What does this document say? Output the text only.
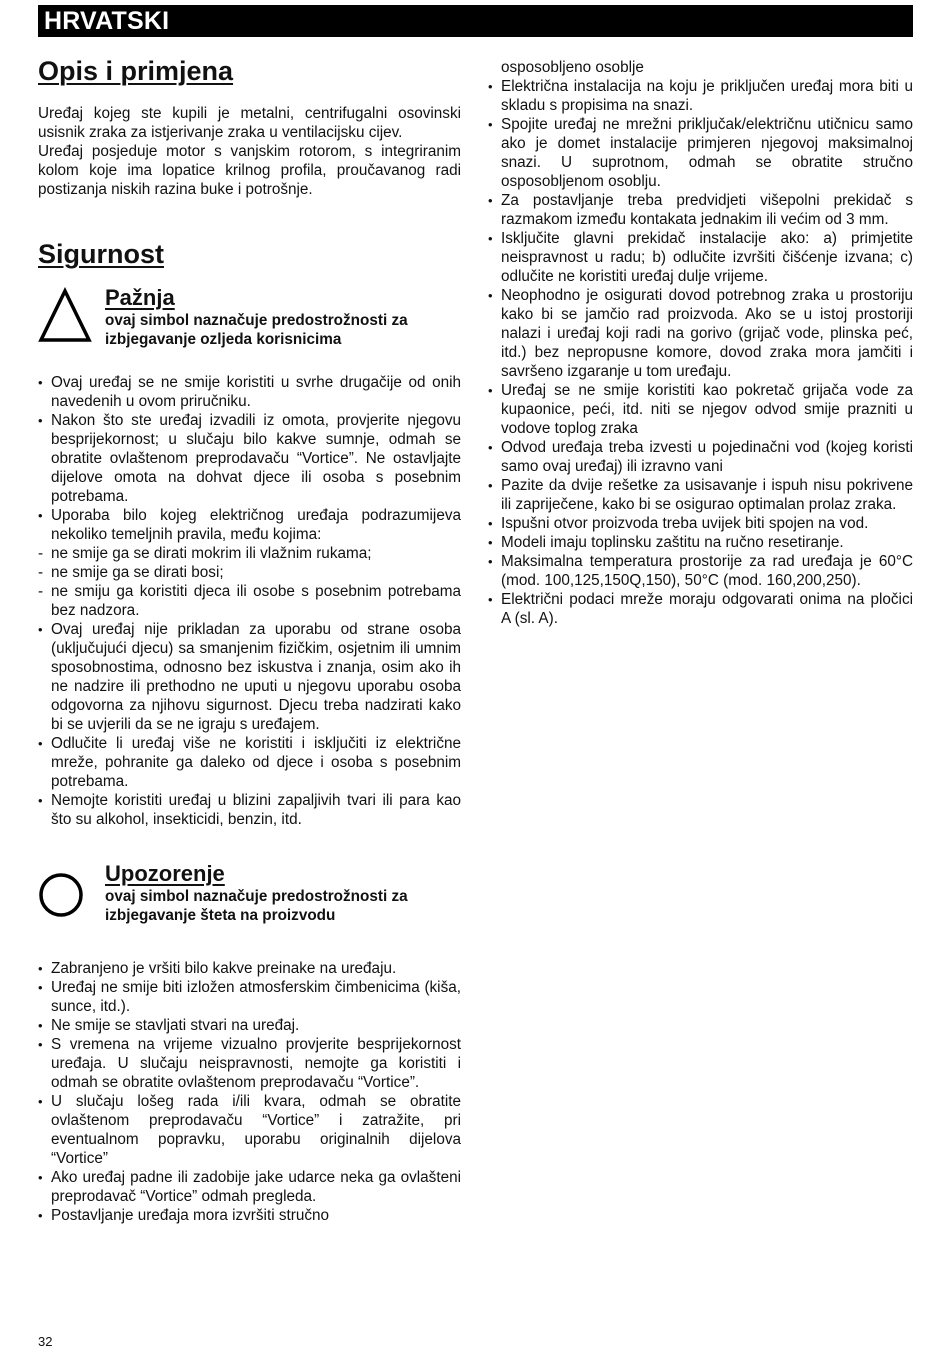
HRVATSKI
Opis i primjena

Uređaj kojeg ste kupili je metalni, centrifugalni osovinski usisnik zraka za istjerivanje zraka u ventilacijsku cijev.

Uređaj posjeduje motor s vanjskim rotorom, s integriranim kolom koje ima lopatice krilnog profila, proučavanog radi postizanja niskih razina buke i potrošnje.

Sigurnost
Pažnja
ovaj simbol naznačuje predostrožnosti za izbjegavanje ozljeda korisnicima
• Ovaj uređaj se ne smije koristiti u svrhe drugačije od onih navedenih u ovom priručniku.
• Nakon što ste uređaj izvadili iz omota, provjerite njegovu besprijekornost; u slučaju bilo kakve sumnje, odmah se obratite ovlaštenom preprodavaču “Vortice”. Ne ostavljajte dijelove omota na dohvat djece ili osoba s posebnim potrebama.
• Uporaba bilo kojeg električnog uređaja podrazumijeva nekoliko temeljnih pravila, među kojima:
- ne smije ga se dirati mokrim ili vlažnim rukama;
- ne smije ga se dirati bosi;
- ne smiju ga koristiti djeca ili osobe s posebnim potrebama bez nadzora.
• Ovaj uređaj nije prikladan za uporabu od strane osoba (uključujući djecu) sa smanjenim fizičkim, osjetnim ili umnim sposobnostima, odnosno bez iskustva i znanja, osim ako ih ne nadzire ili prethodno ne uputi u njegovu uporabu osoba odgovorna za njihovu sigurnost. Djecu treba nadzirati kako bi se uvjerili da se ne igraju s uređajem.
• Odlučite li uređaj više ne koristiti i isključiti iz električne mreže, pohranite ga daleko od djece i osoba s posebnim potrebama.
• Nemojte koristiti uređaj u blizini zapaljivih tvari ili para kao što su alkohol, insekticidi, benzin, itd.
Upozorenje
ovaj simbol naznačuje predostrožnosti za izbjegavanje šteta na proizvodu
• Zabranjeno je vršiti bilo kakve preinake na uređaju.
• Uređaj ne smije biti izložen atmosferskim čimbenicima (kiša, sunce, itd.).
• Ne smije se stavljati stvari na uređaj.
• S vremena na vrijeme vizualno provjerite besprijekornost uređaja. U slučaju neispravnosti, nemojte ga koristiti i odmah se obratite ovlaštenom preprodavaču “Vortice”.
• U slučaju lošeg rada i/ili kvara, odmah se obratite ovlaštenom preprodavaču “Vortice” i zatražite, pri eventualnom popravku, uporabu originalnih dijelova “Vortice”
• Ako uređaj padne ili zadobije jake udarce neka ga ovlašteni preprodavač “Vortice” odmah pregleda.
• Postavljanje uređaja mora izvršiti stručno

osposobljeno osoblje

• Električna instalacija na koju je priključen uređaj mora biti u skladu s propisima na snazi.
• Spojite uređaj ne mrežni priključak/električnu utičnicu samo ako je domet instalacije primjeren njegovoj maksimalnoj snazi. U suprotnom, odmah se obratite stručno osposobljenom osoblju.
• Za postavljanje treba predvidjeti višepolni prekidač s razmakom između kontakata jednakim ili većim od 3 mm.
• Isključite glavni prekidač instalacije ako: a) primjetite neispravnost u radu; b) odlučite izvršiti čišćenje izvana; c) odlučite ne koristiti uređaj dulje vrijeme.
• Neophodno je osigurati dovod potrebnog zraka u prostoriju kako bi se jamčio rad proizvoda. Ako se u istoj prostoriji nalazi i uređaj koji radi na gorivo (grijač vode, plinska peć, itd.) bez nepropusne komore, dovod zraka mora jamčiti i savršeno izgaranje u tom uređaju.
• Uređaj se ne smije koristiti kao pokretač grijača vode za kupaonice, peći, itd. niti se njegov odvod smije prazniti u vodove toplog zraka
• Odvod uređaja treba izvesti u pojedinačni vod (kojeg koristi samo ovaj uređaj) ili izravno vani
• Pazite da dvije rešetke za usisavanje i ispuh nisu pokrivene ili zapriječene, kako bi se osigurao optimalan prolaz zraka.
• Ispušni otvor proizvoda treba uvijek biti spojen na vod.
• Modeli imaju toplinsku zaštitu na ručno resetiranje.
• Maksimalna temperatura prostorije za rad uređaja je 60°C (mod. 100,125,150Q,150), 50°C (mod. 160,200,250).
• Električni podaci mreže moraju odgovarati onima na pločici A (sl. A).
32
